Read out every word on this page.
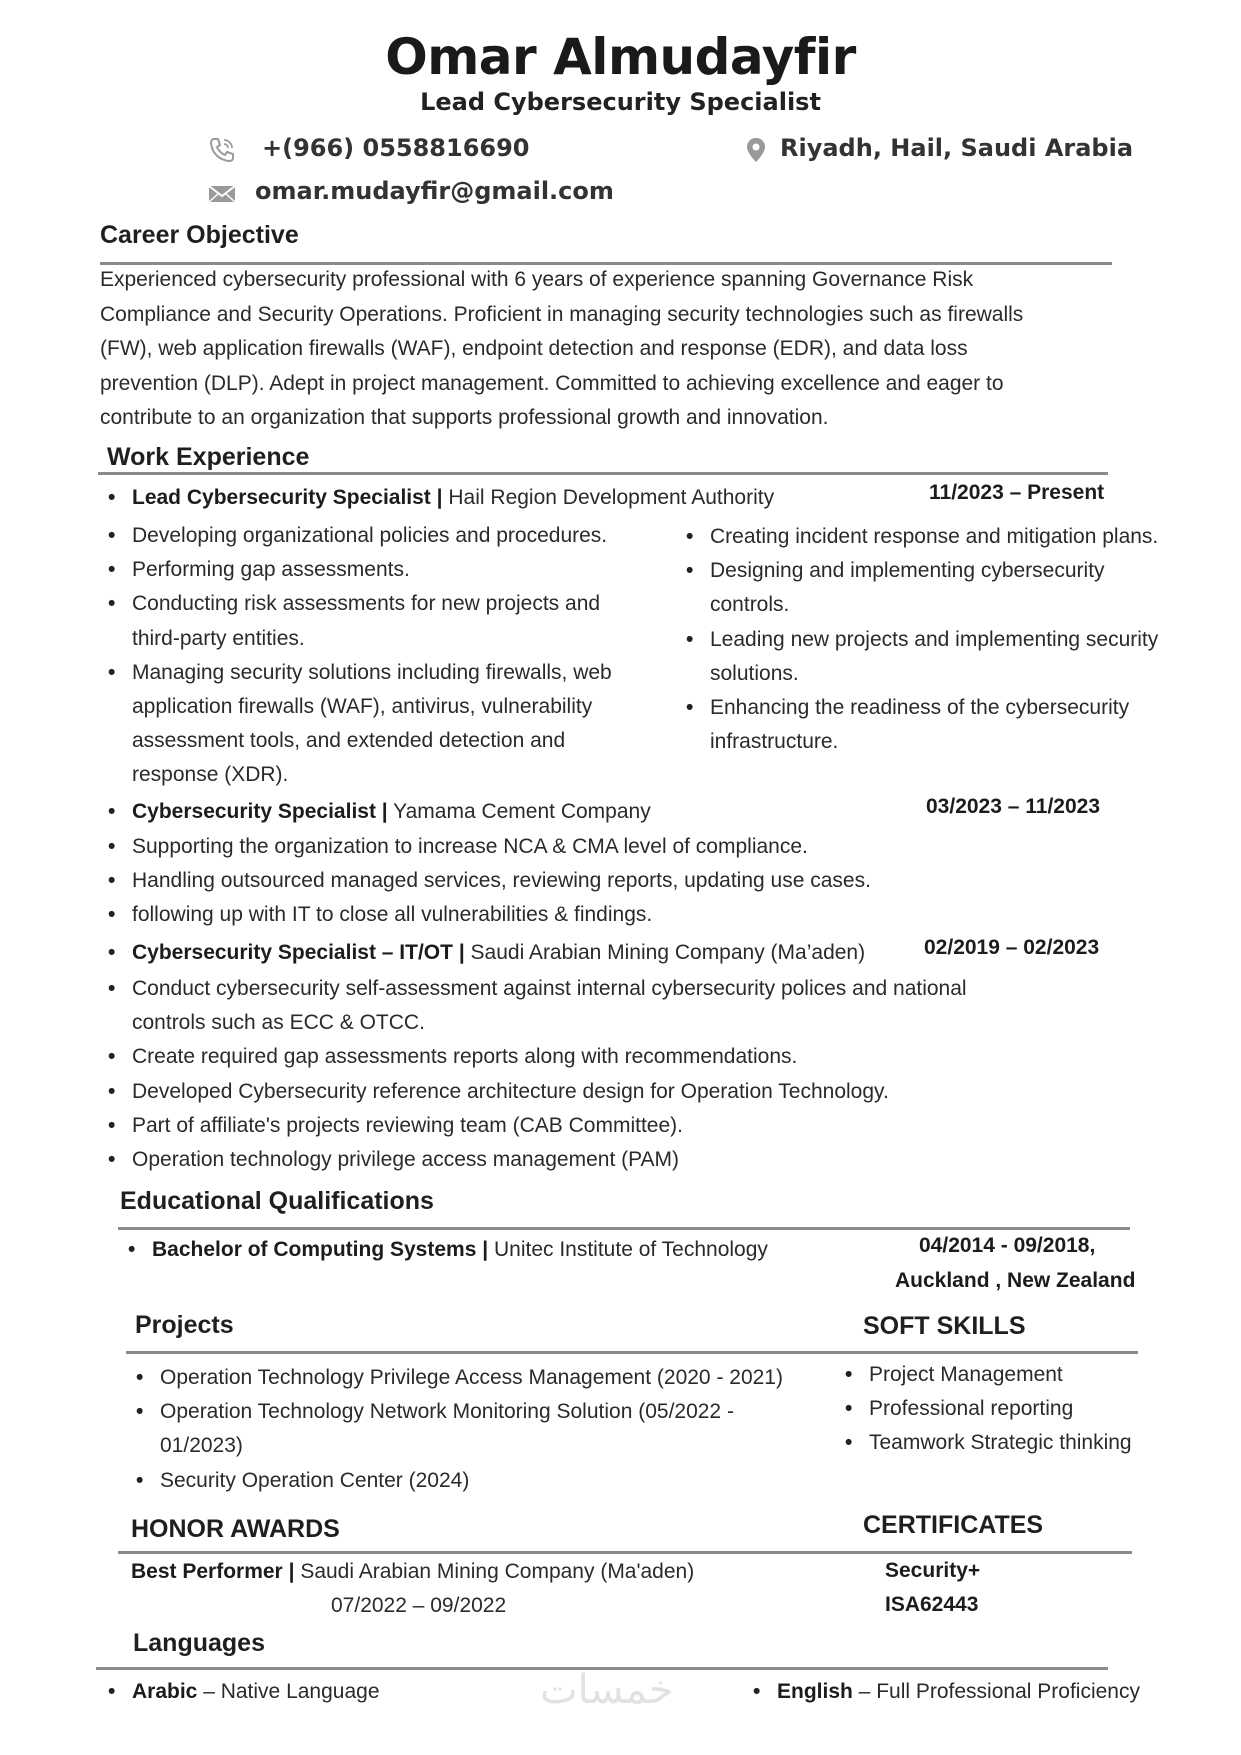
Omar Almudayfir
Lead Cybersecurity Specialist
+(966) 0558816690	Riyadh, Hail, Saudi Arabia
omar.mudayfir@gmail.com
Career Objective
Experienced cybersecurity professional with 6 years of experience spanning Governance Risk
Compliance and Security Operations. Proficient in managing security technologies such as firewalls
(FW), web application firewalls (WAF), endpoint detection and response (EDR), and data loss
prevention (DLP). Adept in project management. Committed to achieving excellence and eager to
contribute to an organization that supports professional growth and innovation.
Work Experience
• Lead Cybersecurity Specialist | Hail Region Development Authority	11/2023 – Present
• Developing organizational policies and procedures.
• Performing gap assessments.
• Conducting risk assessments for new projects and
third-party entities.
• Managing security solutions including firewalls, web
application firewalls (WAF), antivirus, vulnerability
assessment tools, and extended detection and
response (XDR).
• Creating incident response and mitigation plans.
• Designing and implementing cybersecurity
controls.
• Leading new projects and implementing security
solutions.
• Enhancing the readiness of the cybersecurity
infrastructure.
• Cybersecurity Specialist | Yamama Cement Company	03/2023 – 11/2023
• Supporting the organization to increase NCA & CMA level of compliance.
• Handling outsourced managed services, reviewing reports, updating use cases.
• following up with IT to close all vulnerabilities & findings.
• Cybersecurity Specialist – IT/OT | Saudi Arabian Mining Company (Ma’aden)	02/2019 – 02/2023
• Conduct cybersecurity self-assessment against internal cybersecurity polices and national
controls such as ECC & OTCC.
• Create required gap assessments reports along with recommendations.
• Developed Cybersecurity reference architecture design for Operation Technology.
• Part of affiliate's projects reviewing team (CAB Committee).
• Operation technology privilege access management (PAM)
Educational Qualifications
• Bachelor of Computing Systems | Unitec Institute of Technology	04/2014 - 09/2018,
Auckland , New Zealand
Projects	SOFT SKILLS
• Operation Technology Privilege Access Management (2020 - 2021)
• Operation Technology Network Monitoring Solution (05/2022 -
01/2023)
• Security Operation Center (2024)
• Project Management
• Professional reporting
• Teamwork Strategic thinking
HONOR AWARDS	CERTIFICATES
Best Performer | Saudi Arabian Mining Company (Ma'aden)
07/2022 – 09/2022
Security+
ISA62443
Languages
• Arabic – Native Language	• English – Full Professional Proficiency
خمسات
